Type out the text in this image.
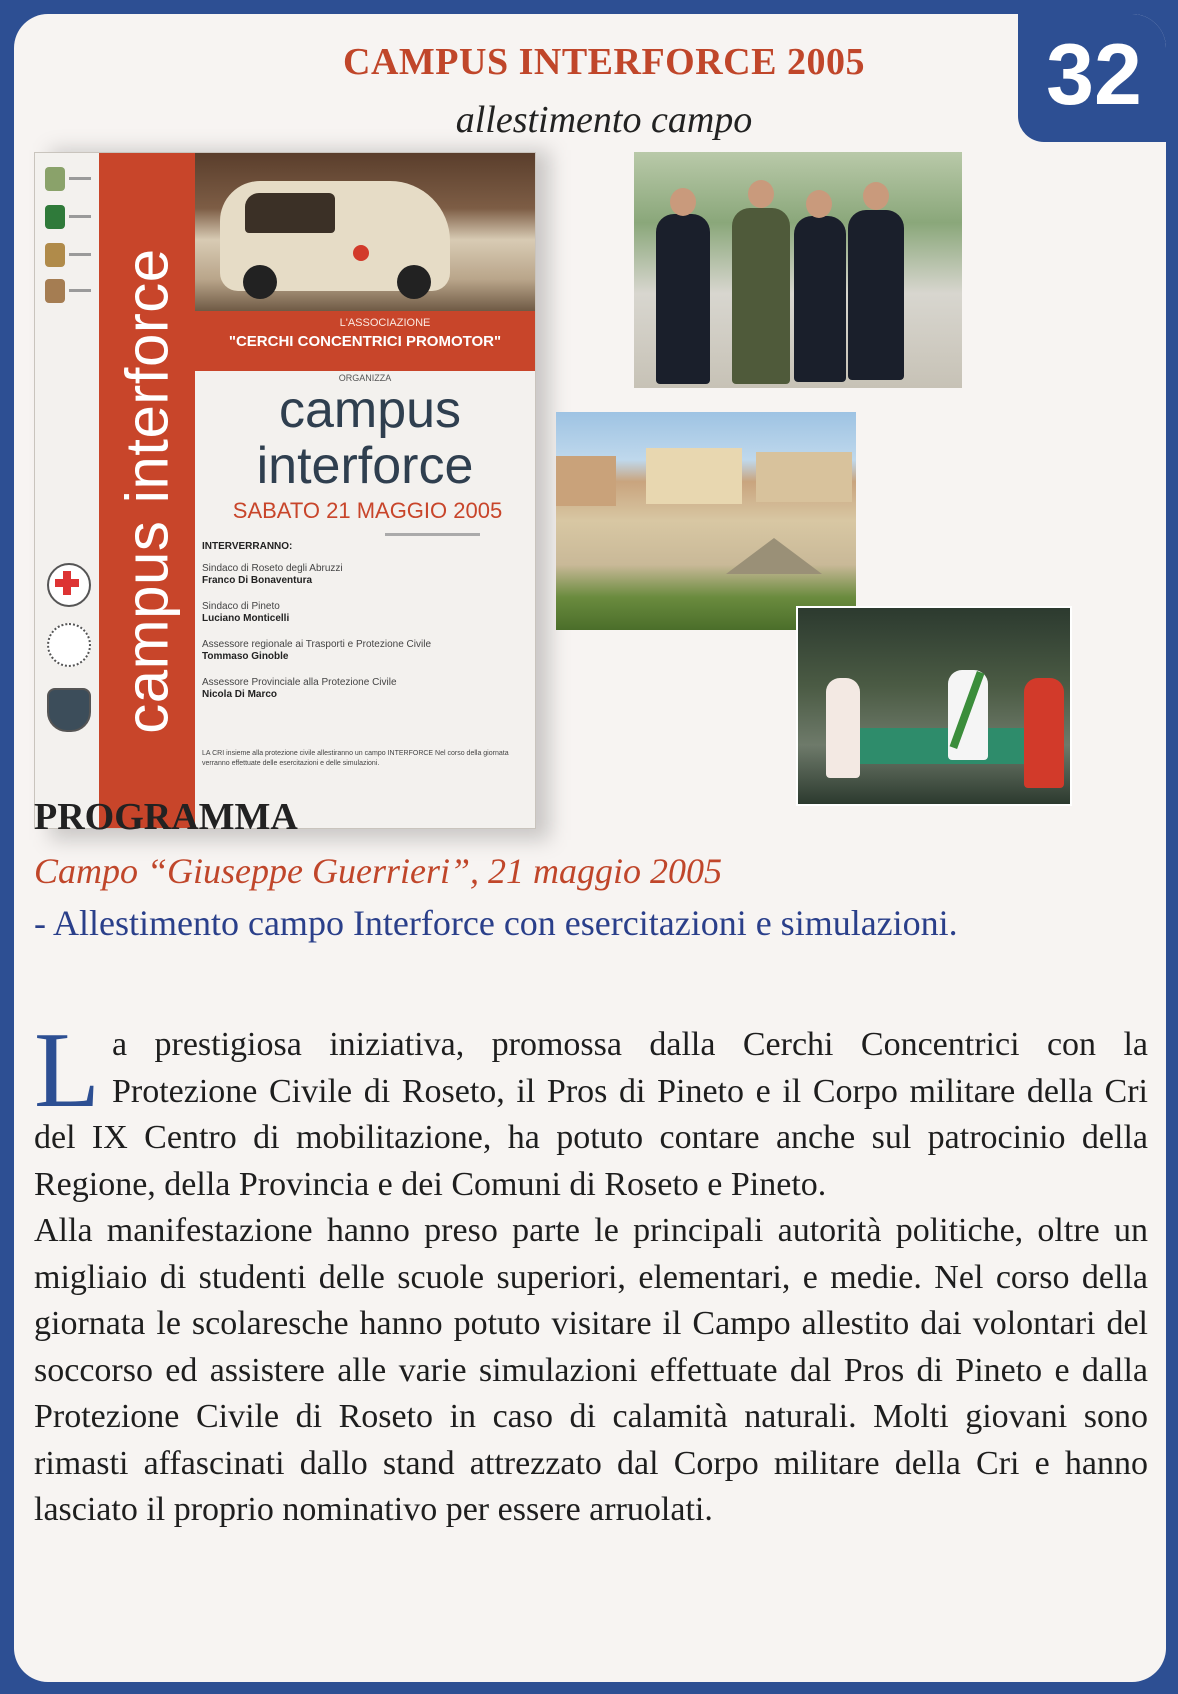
32
CAMPUS INTERFORCE 2005
allestimento campo
campus interforce	L'ASSOCIAZIONE
"CERCHI CONCENTRICI PROMOTOR"
ORGANIZZA
campus
interforce
SABATO 21 MAGGIO 2005
INTERVERRANNO:
Sindaco di Roseto degli Abruzzi
Franco Di Bonaventura
Sindaco di Pineto
Luciano Monticelli
Assessore regionale ai Trasporti e Protezione Civile
Tommaso Ginoble
Assessore Provinciale alla Protezione Civile
Nicola Di Marco
LA CRI insieme alla protezione civile allestiranno un campo INTERFORCE Nel corso della giornata verranno effettuate delle esercitazioni e delle simulazioni.
PROGRAMMA
Campo “Giuseppe Guerrieri”, 21 maggio 2005
- Allestimento campo Interforce con esercitazioni e simulazioni.
L a prestigiosa iniziativa, promossa dalla Cerchi Concentrici con la Protezione Civile di Roseto, il Pros di Pineto e il Corpo militare della Cri del IX Centro di mobilitazione, ha potuto contare anche sul patrocinio della Regione, della Provincia e dei Comuni di Roseto e Pineto.

Alla manifestazione hanno preso parte le principali autorità politiche, oltre un migliaio di studenti delle scuole superiori, elementari, e medie. Nel corso della giornata le scolaresche hanno potuto visitare il Campo allestito dai volontari del soccorso ed assistere alle varie simulazioni effettuate dal Pros di Pineto e dalla Protezione Civile di Roseto in caso di calamità naturali. Molti giovani sono rimasti affascinati dallo stand attrezzato dal Corpo militare della Cri e hanno lasciato il proprio nominativo per essere arruolati.
